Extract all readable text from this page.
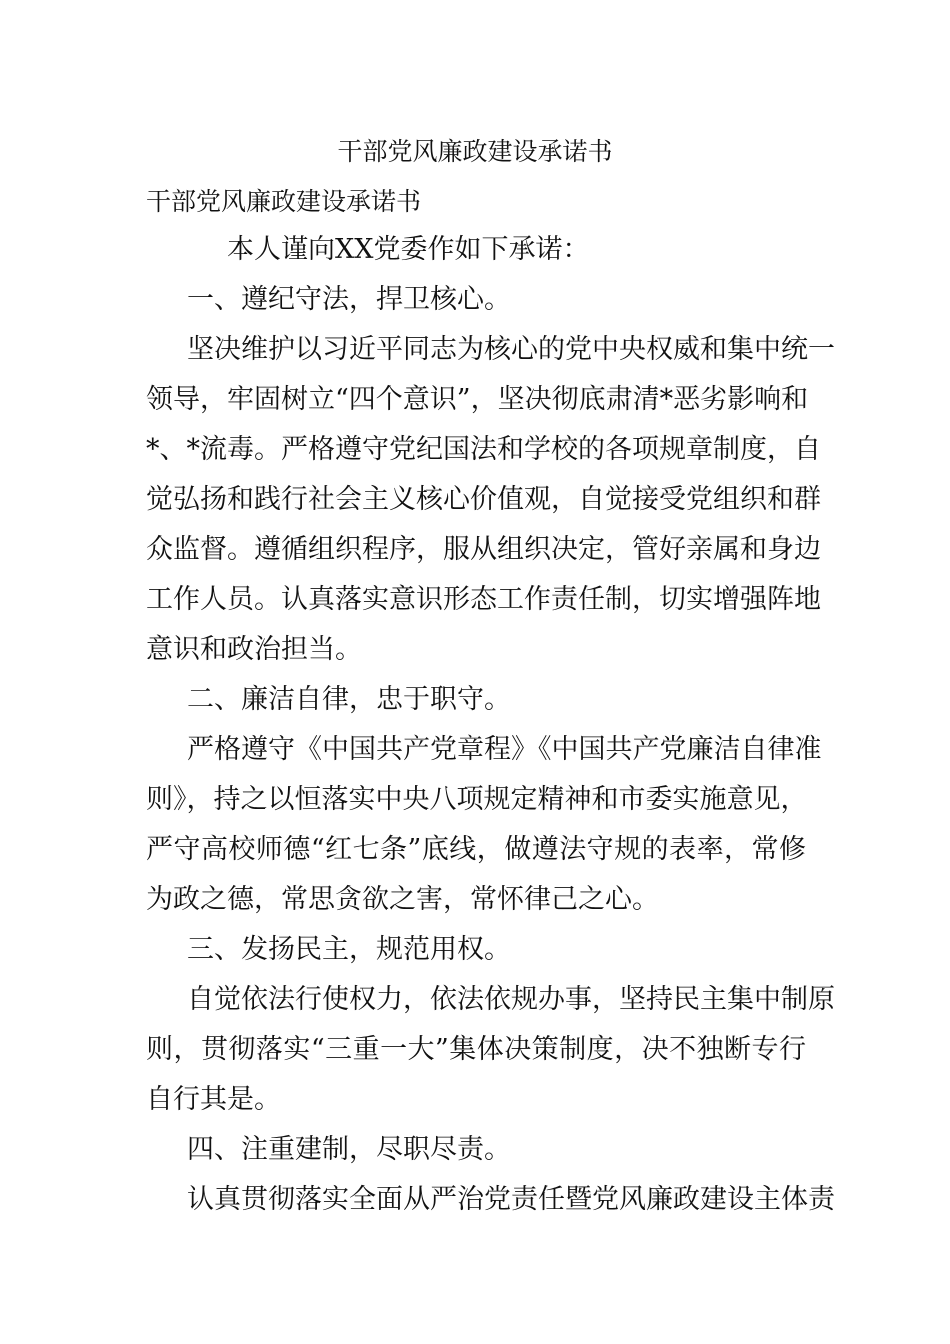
干部党风廉政建设承诺书
干部党风廉政建设承诺书

本人谨向XX党委作如下承诺：

一、遵纪守法，捍卫核心。

坚决维护以习近平同志为核心的党中央权威和集中统一

领导，牢固树立“四个意识”，坚决彻底肃清*恶劣影响和

*、*流毒。严格遵守党纪国法和学校的各项规章制度，自

觉弘扬和践行社会主义核心价值观，自觉接受党组织和群

众监督。遵循组织程序，服从组织决定，管好亲属和身边

工作人员。认真落实意识形态工作责任制，切实增强阵地

意识和政治担当。

二、廉洁自律，忠于职守。

严格遵守《中国共产党章程》《中国共产党廉洁自律准

则》，持之以恒落实中央八项规定精神和市委实施意见，

严守高校师德“红七条”底线，做遵法守规的表率，常修

为政之德，常思贪欲之害，常怀律己之心。

三、发扬民主，规范用权。

自觉依法行使权力，依法依规办事，坚持民主集中制原

则，贯彻落实“三重一大”集体决策制度，决不独断专行

自行其是。

四、注重建制，尽职尽责。

认真贯彻落实全面从严治党责任暨党风廉政建设主体责
